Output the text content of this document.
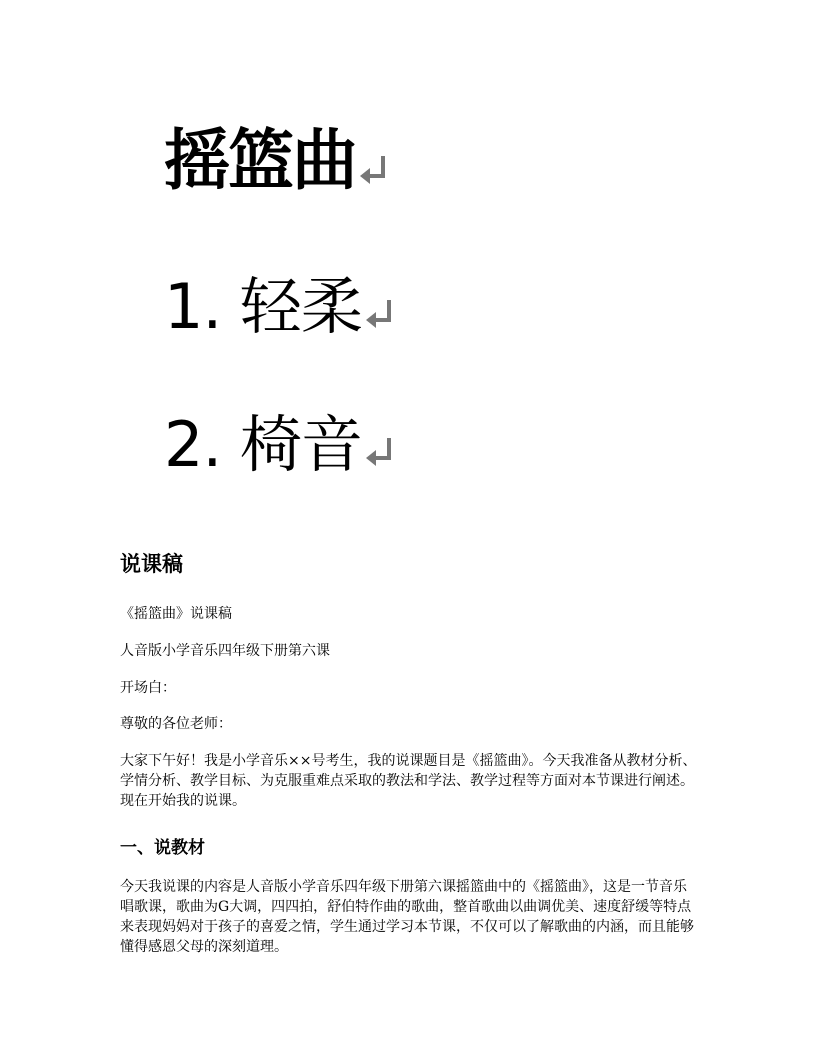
摇篮曲
1. 轻柔
2. 椅音
说课稿

《摇篮曲》说课稿

人音版小学音乐四年级下册第六课

开场白：

尊敬的各位老师：

大家下午好！我是小学音乐××号考生，我的说课题目是《摇篮曲》。今天我准备从教材分析、学情分析、教学目标、为克服重难点采取的教法和学法、教学过程等方面对本节课进行阐述。现在开始我的说课。

一、说教材

今天我说课的内容是人音版小学音乐四年级下册第六课摇篮曲中的《摇篮曲》，这是一节音乐唱歌课，歌曲为G大调，四四拍，舒伯特作曲的歌曲，整首歌曲以曲调优美、速度舒缓等特点来表现妈妈对于孩子的喜爱之情，学生通过学习本节课，不仅可以了解歌曲的内涵，而且能够懂得感恩父母的深刻道理。
